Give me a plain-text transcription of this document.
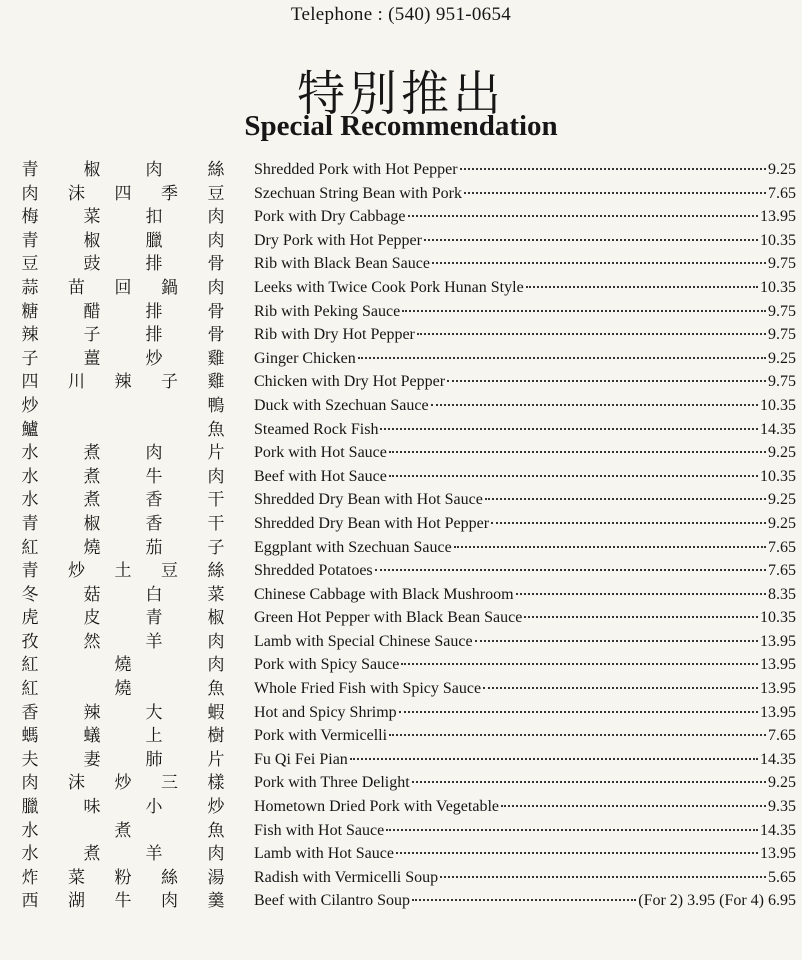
Telephone : (540) 951-0654
特別推出
Special Recommendation
青	椒	肉	絲 Shredded Pork with Hot Pepper	9.25
肉 沫 四 季 豆 Szechuan String Bean with Pork	7.65
梅	菜	扣	肉 Pork with Dry Cabbage	13.95
青	椒	臘	肉 Dry Pork with Hot Pepper	10.35
豆	豉	排	骨 Rib with Black Bean Sauce	9.75
蒜 苗 回 鍋 肉 Leeks with Twice Cook Pork Hunan Style	10.35
糖	醋	排	骨 Rib with Peking Sauce	9.75
辣	子	排	骨 Rib with Dry Hot Pepper	9.75
子	薑	炒	雞 Ginger Chicken	9.25
四 川 辣 子 雞 Chicken with Dry Hot Pepper	9.75
炒	鴨 Duck with Szechuan Sauce	10.35
鱸	魚 Steamed Rock Fish	14.35
水	煮	肉	片 Pork with Hot Sauce	9.25
水	煮	牛	肉 Beef with Hot Sauce	10.35
水	煮	香	干 Shredded Dry Bean with Hot Sauce	9.25
青	椒	香	干 Shredded Dry Bean with Hot Pepper	9.25
紅	燒	茄	子 Eggplant with Szechuan Sauce	7.65
青 炒 土 豆 絲 Shredded Potatoes	7.65
冬	菇	白	菜 Chinese Cabbage with Black Mushroom	8.35
虎	皮	青	椒 Green Hot Pepper with Black Bean Sauce	10.35
孜	然	羊	肉 Lamb with Special Chinese Sauce	13.95
紅	燒	肉 Pork with Spicy Sauce	13.95
紅	燒	魚 Whole Fried Fish with Spicy Sauce	13.95
香	辣	大	蝦 Hot and Spicy Shrimp	13.95
螞	蟻	上	樹 Pork with Vermicelli	7.65
夫	妻	肺	片 Fu Qi Fei Pian	14.35
肉 沫 炒 三 樣 Pork with Three Delight	9.25
臘	味	小	炒 Hometown Dried Pork with Vegetable	9.35
水	煮	魚 Fish with Hot Sauce	14.35
水	煮	羊	肉 Lamb with Hot Sauce	13.95
炸 菜 粉 絲 湯 Radish with Vermicelli Soup	5.65
西 湖 牛 肉 羹 Beef with Cilantro Soup	(For 2) 3.95 (For 4) 6.95
